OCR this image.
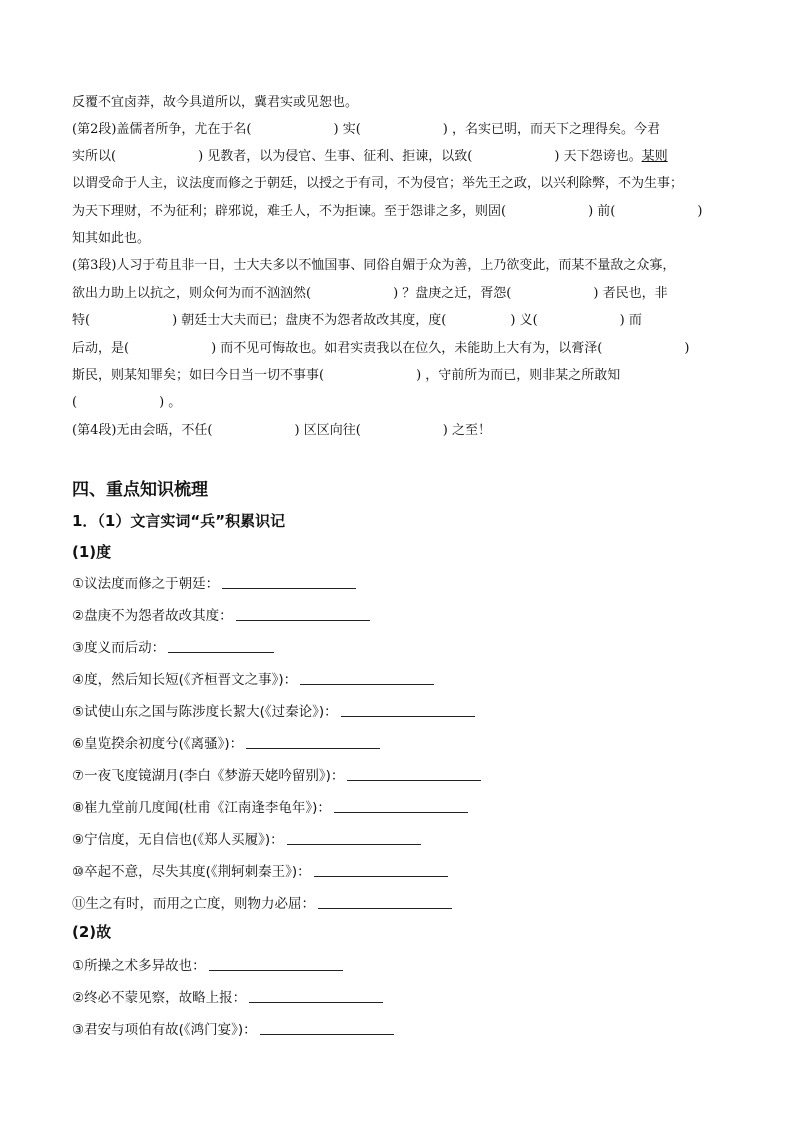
反覆不宜卤莽，故今具道所以，冀君实或见恕也。
(第2段)盖儒者所争，尤在于名(	) 实(	) ，名实已明，而天下之理得矣。今君
实所以(	) 见教者，以为侵官、生事、征利、拒谏，以致(	) 天下怨谤也。某则
以谓受命于人主，议法度而修之于朝廷，以授之于有司，不为侵官；举先王之政，以兴利除弊，不为生事；
为天下理财，不为征利；辟邪说，难壬人，不为拒谏。至于怨诽之多，则固(	) 前(	)
知其如此也。
(第3段)人习于苟且非一日，士大夫多以不恤国事、同俗自媚于众为善，上乃欲变此，而某不量敌之众寡，
欲出力助上以抗之，则众何为而不汹汹然(	) ？盘庚之迁，胥怨(	) 者民也，非
特(	) 朝廷士大夫而已；盘庚不为怨者故改其度，度(	) 义(	) 而
后动，是(	) 而不见可悔故也。如君实责我以在位久，未能助上大有为，以膏泽(	)
斯民，则某知罪矣；如曰今日当一切不事事(	) ，守前所为而已，则非某之所敢知
(	) 。
(第4段)无由会晤，不任(	) 区区向往(	) 之至！
四、重点知识梳理
1．（1）文言实词“兵”积累识记
(1)度
①议法度而修之于朝廷：
②盘庚不为怨者故改其度：
③度义而后动：
④度，然后知长短(《齐桓晋文之事》)：
⑤试使山东之国与陈涉度长絜大(《过秦论》)：
⑥皇览揆余初度兮(《离骚》)：
⑦一夜飞度镜湖月(李白《梦游天姥吟留别》)：
⑧崔九堂前几度闻(杜甫《江南逢李龟年》)：
⑨宁信度，无自信也(《郑人买履》)：
⑩卒起不意，尽失其度(《荆轲刺秦王》)：
⑪生之有时，而用之亡度，则物力必屈：
(2)故
①所操之术多异故也：
②终必不蒙见察，故略上报：
③君安与项伯有故(《鸿门宴》)：
